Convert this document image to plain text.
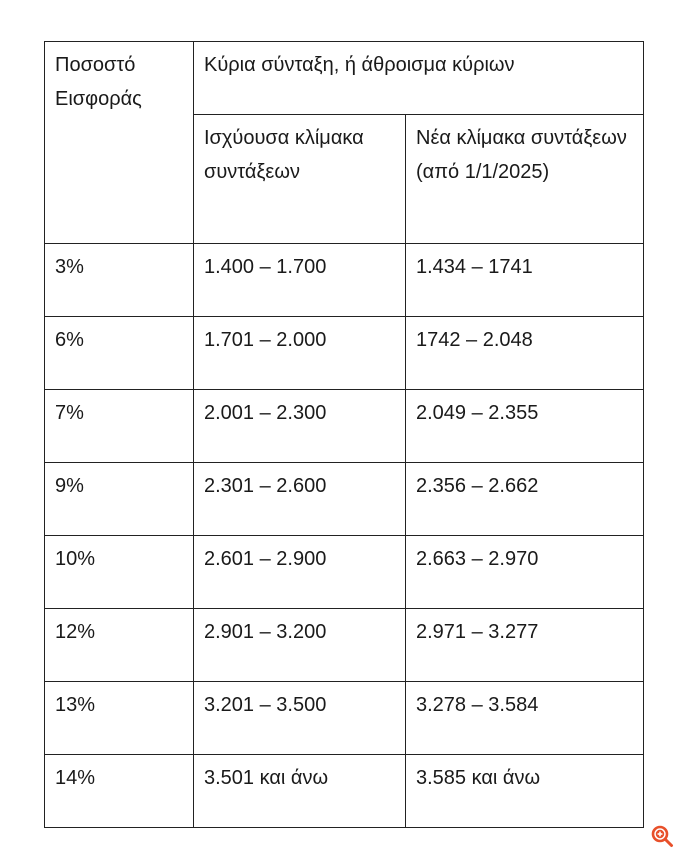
Ποσοστό Εισφοράς	Κύρια σύνταξη, ή άθροισμα κύριων	
	Ισχύουσα κλίμακα συντάξεων	Νέα κλίμακα συντάξεων (από 1/1/2025)
3%	1.400 – 1.700	1.434 – 1741
6%	1.701 – 2.000	1742 – 2.048
7%	2.001 – 2.300	2.049 – 2.355
9%	2.301 – 2.600	2.356 – 2.662
10%	2.601 – 2.900	2.663 – 2.970
12%	2.901 – 3.200	2.971 – 3.277
13%	3.201 – 3.500	3.278 – 3.584
14%	3.501 και άνω	3.585 και άνω
